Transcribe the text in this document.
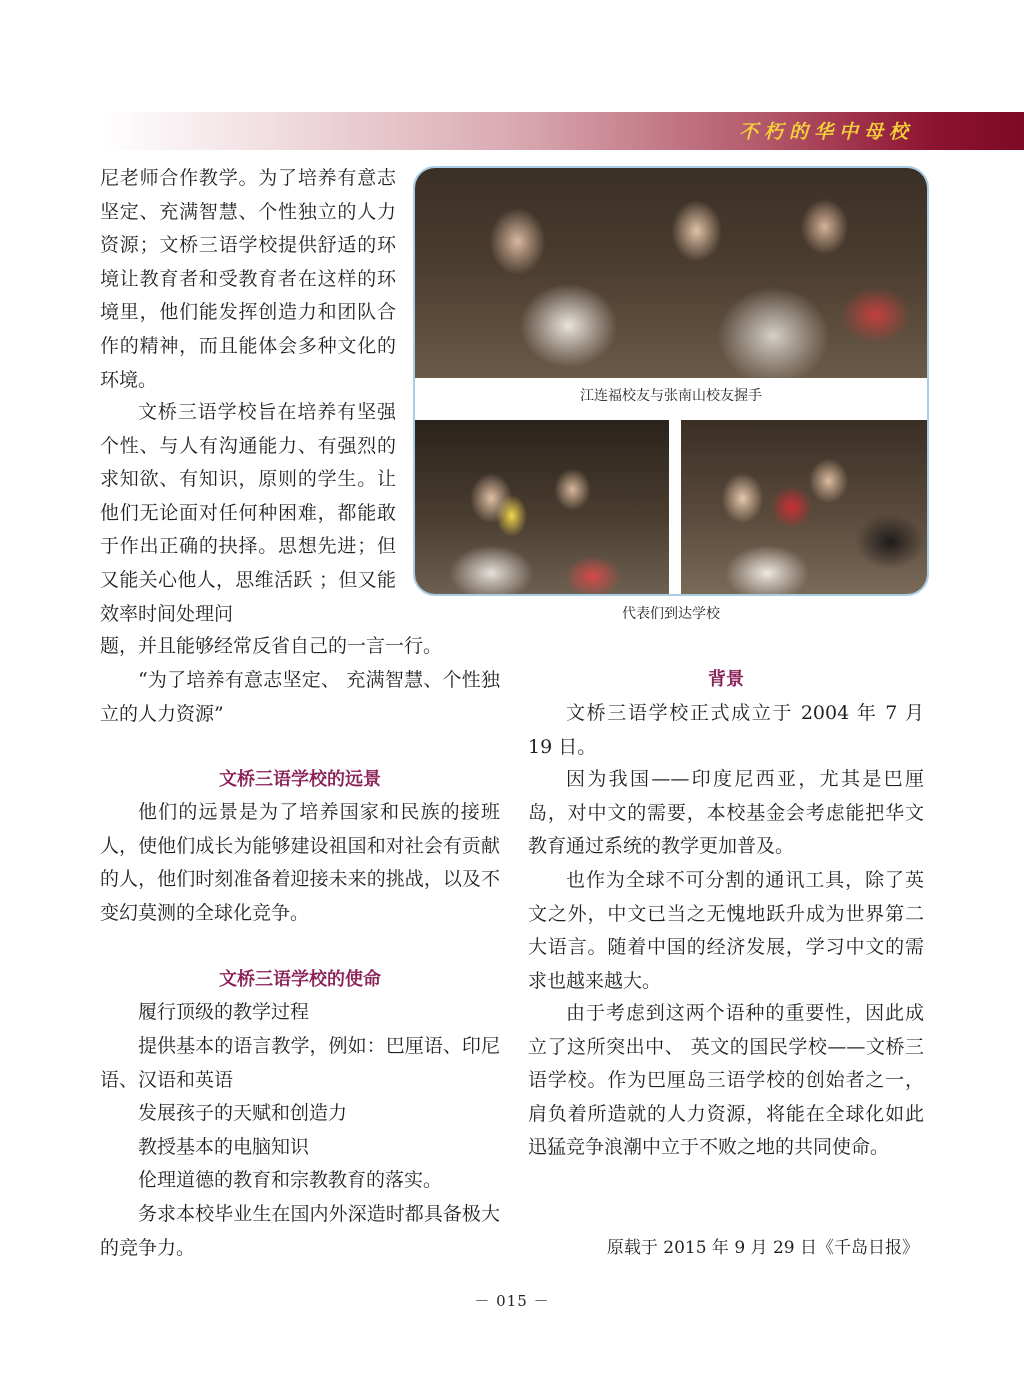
不朽的华中母校

尼老师合作教学。为了培养有意志坚定、充满智慧、个性独立的人力资源；文桥三语学校提供舒适的环境让教育者和受教育者在这样的环境里，他们能发挥创造力和团队合作的精神，而且能体会多种文化的环境。

文桥三语学校旨在培养有坚强个性、与人有沟通能力、有强烈的求知欲、有知识，原则的学生。让他们无论面对任何种困难，都能敢于作出正确的抉择。思想先进；但又能关心他人，思维活跃 ；但又能效率时间处理问

题，并且能够经常反省自己的一言一行。

“为了培养有意志坚定、 充满智慧、个性独立的人力资源”

文桥三语学校的远景

他们的远景是为了培养国家和民族的接班人，使他们成长为能够建设祖国和对社会有贡献的人，他们时刻准备着迎接未来的挑战，以及不变幻莫测的全球化竞争。

文桥三语学校的使命

履行顶级的教学过程

提供基本的语言教学，例如：巴厘语、印尼语、汉语和英语

发展孩子的天赋和创造力

教授基本的电脑知识

伦理道德的教育和宗教教育的落实。

务求本校毕业生在国内外深造时都具备极大的竞争力。

江连福校友与张南山校友握手
代表们到达学校
背景

文桥三语学校正式成立于 2004 年 7 月 19 日。

因为我国——印度尼西亚，尤其是巴厘岛，对中文的需要，本校基金会考虑能把华文教育通过系统的教学更加普及。

也作为全球不可分割的通讯工具，除了英文之外，中文已当之无愧地跃升成为世界第二大语言。随着中国的经济发展，学习中文的需求也越来越大。

由于考虑到这两个语种的重要性，因此成立了这所突出中、 英文的国民学校——文桥三语学校。作为巴厘岛三语学校的创始者之一，肩负着所造就的人力资源，将能在全球化如此迅猛竞争浪潮中立于不败之地的共同使命。

原载于 2015 年 9 月 29 日《千岛日报》
－ 015 －
